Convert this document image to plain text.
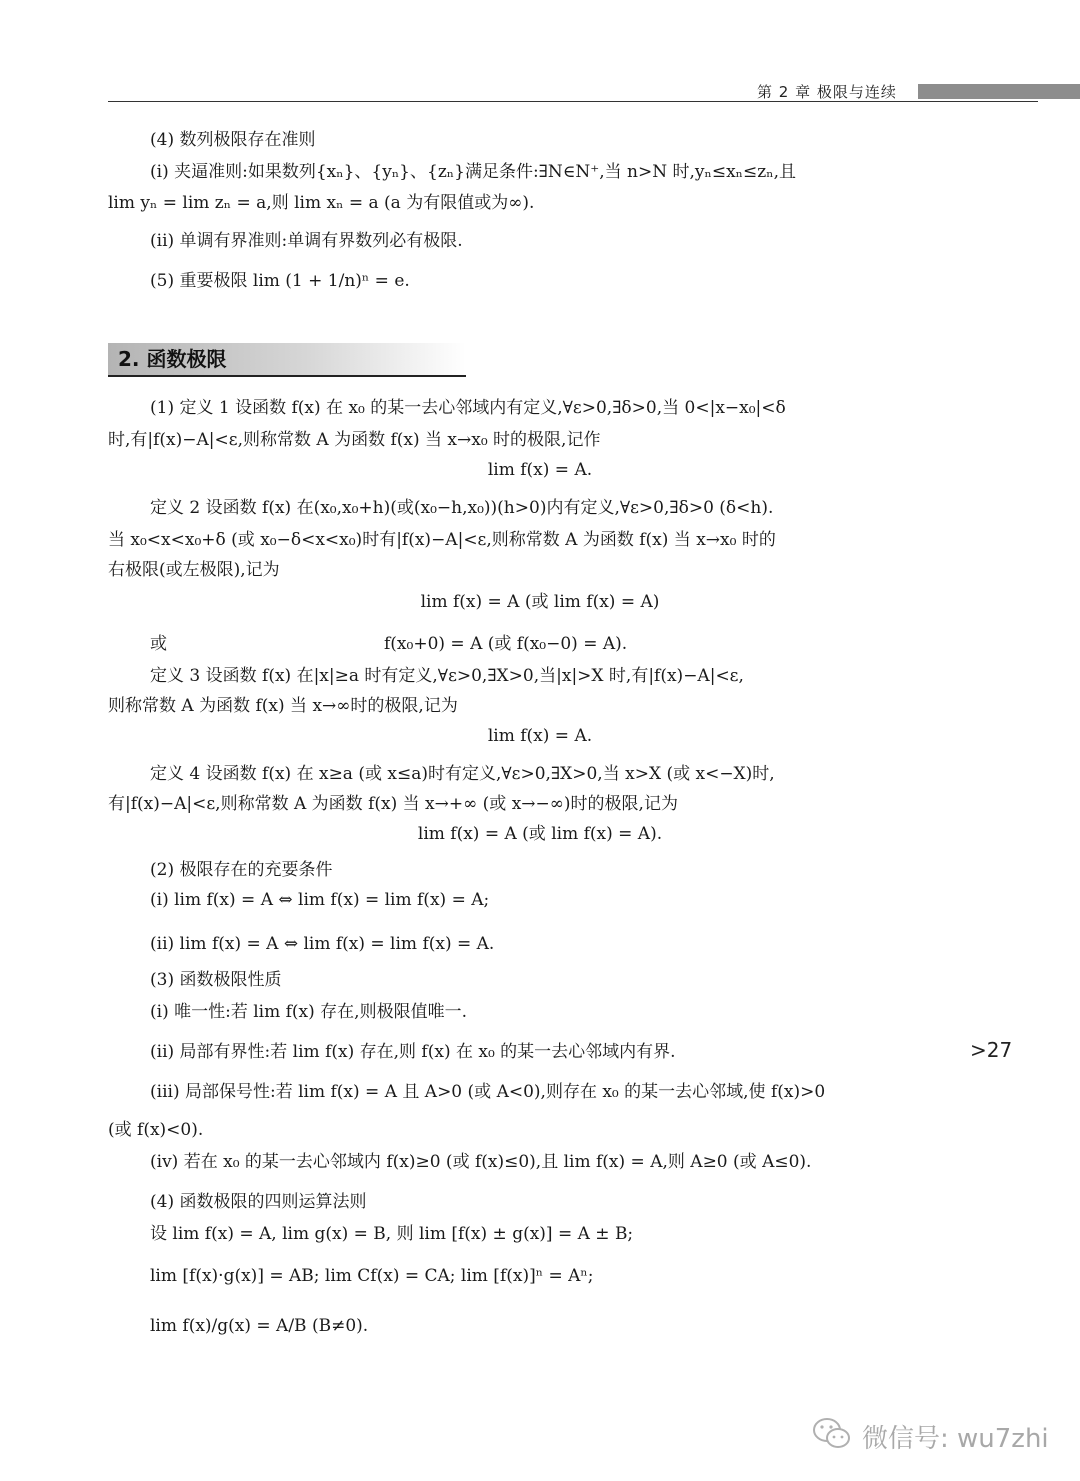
第 2 章 极限与连续
(4) 数列极限存在准则
(i) 夹逼准则:如果数列{xₙ}、{yₙ}、{zₙ}满足条件:∃N∈N⁺,当 n>N 时,yₙ≤xₙ≤zₙ,且
lim yₙ = lim zₙ = a,则 lim xₙ = a (a 为有限值或为∞).
(ii) 单调有界准则:单调有界数列必有极限.
(5) 重要极限 lim (1 + 1/n)ⁿ = e.
2. 函数极限
(1) 定义 1 设函数 f(x) 在 x₀ 的某一去心邻域内有定义,∀ε>0,∃δ>0,当 0<|x−x₀|<δ
时,有|f(x)−A|<ε,则称常数 A 为函数 f(x) 当 x→x₀ 时的极限,记作
lim f(x) = A.
定义 2 设函数 f(x) 在(x₀,x₀+h)(或(x₀−h,x₀))(h>0)内有定义,∀ε>0,∃δ>0 (δ<h).
当 x₀<x<x₀+δ (或 x₀−δ<x<x₀)时有|f(x)−A|<ε,则称常数 A 为函数 f(x) 当 x→x₀ 时的
右极限(或左极限),记为
lim f(x) = A (或 lim f(x) = A)
或	f(x₀+0) = A (或 f(x₀−0) = A).
定义 3 设函数 f(x) 在|x|≥a 时有定义,∀ε>0,∃X>0,当|x|>X 时,有|f(x)−A|<ε,
则称常数 A 为函数 f(x) 当 x→∞时的极限,记为
lim f(x) = A.
定义 4 设函数 f(x) 在 x≥a (或 x≤a)时有定义,∀ε>0,∃X>0,当 x>X (或 x<−X)时,
有|f(x)−A|<ε,则称常数 A 为函数 f(x) 当 x→+∞ (或 x→−∞)时的极限,记为
lim f(x) = A (或 lim f(x) = A).
(2) 极限存在的充要条件
(i) lim f(x) = A ⇔ lim f(x) = lim f(x) = A;
(ii) lim f(x) = A ⇔ lim f(x) = lim f(x) = A.
(3) 函数极限性质
(i) 唯一性:若 lim f(x) 存在,则极限值唯一.
(ii) 局部有界性:若 lim f(x) 存在,则 f(x) 在 x₀ 的某一去心邻域内有界.
(iii) 局部保号性:若 lim f(x) = A 且 A>0 (或 A<0),则存在 x₀ 的某一去心邻域,使 f(x)>0
(或 f(x)<0).
(iv) 若在 x₀ 的某一去心邻域内 f(x)≥0 (或 f(x)≤0),且 lim f(x) = A,则 A≥0 (或 A≤0).
(4) 函数极限的四则运算法则
设 lim f(x) = A, lim g(x) = B, 则 lim [f(x) ± g(x)] = A ± B;
lim [f(x)·g(x)] = AB; lim Cf(x) = CA; lim [f(x)]ⁿ = Aⁿ;
lim f(x)/g(x) = A/B (B≠0).
>27
微信号: wu7zhi
